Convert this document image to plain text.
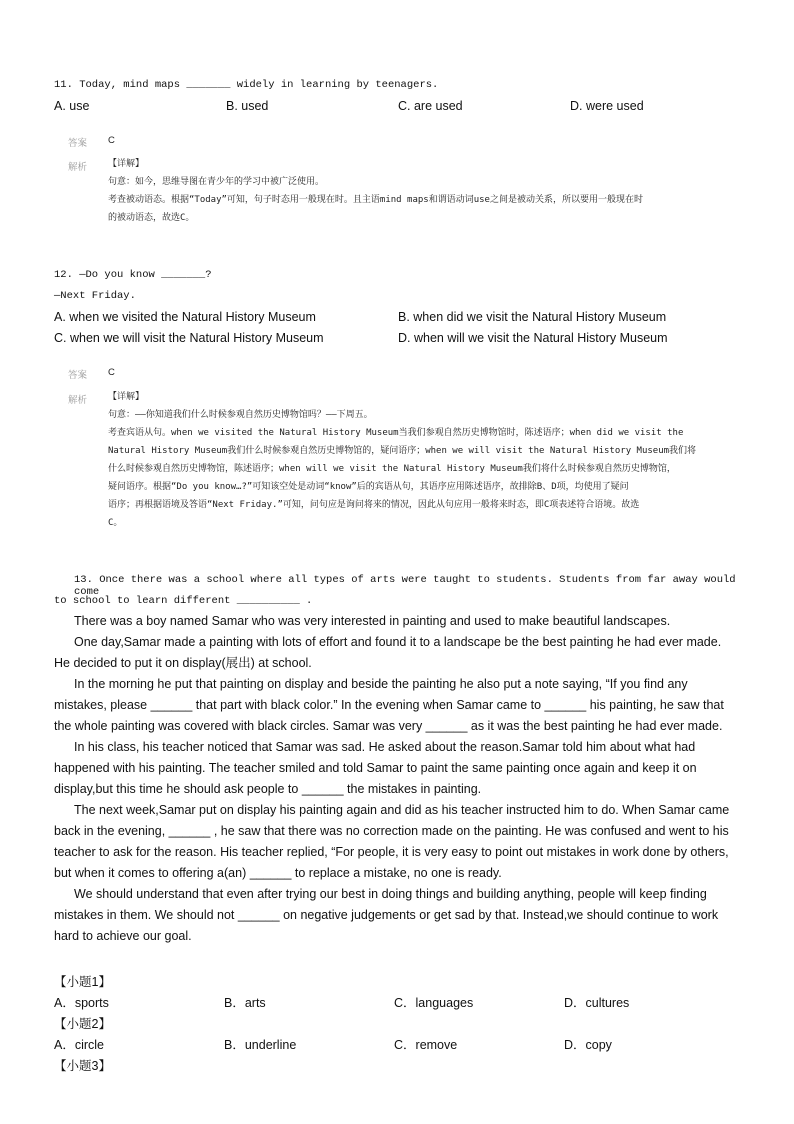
11. Today, mind maps _______ widely in learning by teenagers.
A. use	B. used	C. are used	D. were used
答案 C
解析 【详解】

句意：如今，思维导图在青少年的学习中被广泛使用。

考查被动语态。根据“Today”可知，句子时态用一般现在时。且主语mind maps和谓语动词use之间是被动关系，所以要用一般现在时

的被动语态，故选C。

12. —Do you know _______?
—Next Friday.
A. when we visited the Natural History Museum	B. when did we visit the Natural History Museum
C. when we will visit the Natural History Museum	D. when will we visit the Natural History Museum
答案 C
解析 【详解】

句意：——你知道我们什么时候参观自然历史博物馆吗？——下周五。

考查宾语从句。when we visited the Natural History Museum当我们参观自然历史博物馆时，陈述语序；when did we visit the

Natural History Museum我们什么时候参观自然历史博物馆的，疑问语序；when we will visit the Natural History Museum我们将

什么时候参观自然历史博物馆，陈述语序；when will we visit the Natural History Museum我们将什么时候参观自然历史博物馆，

疑问语序。根据“Do you know…?”可知该空处是动词“know”后的宾语从句，其语序应用陈述语序，故排除B、D项，均使用了疑问

语序；再根据语境及答语“Next Friday.”可知，问句应是询问将来的情况，因此从句应用一般将来时态，即C项表述符合语境。故选

C。

13. Once there was a school where all types of arts were taught to students. Students from far away would come
to school to learn different __________ .

There was a boy named Samar who was very interested in painting and used to make beautiful landscapes.

One day,Samar made a painting with lots of effort and found it to a landscape be the best painting he had ever made. He decided to put it on display(展出) at school.

In the morning he put that painting on display and beside the painting he also put a note saying, “If you find any mistakes, please ______ that part with black color.” In the evening when Samar came to ______ his painting, he saw that the whole painting was covered with black circles. Samar was very ______ as it was the best painting he had ever made.

In his class, his teacher noticed that Samar was sad. He asked about the reason.Samar told him about what had happened with his painting. The teacher smiled and told Samar to paint the same painting once again and keep it on display,but this time he should ask people to ______ the mistakes in painting.

The next week,Samar put on display his painting again and did as his teacher instructed him to do. When Samar came back in the evening, ______ , he saw that there was no correction made on the painting. He was confused and went to his teacher to ask for the reason. His teacher replied, “For people, it is very easy to point out mistakes in work done by others, but when it comes to offering a(an) ______ to replace a mistake, no one is ready.

We should understand that even after trying our best in doing things and building anything, people will keep finding mistakes in them. We should not ______ on negative judgements or get sad by that. Instead,we should continue to work hard to achieve our goal.

【小题1】
A．sports	B．arts	C．languages	D．cultures
【小题2】
A．circle	B．underline	C．remove	D．copy
【小题3】
